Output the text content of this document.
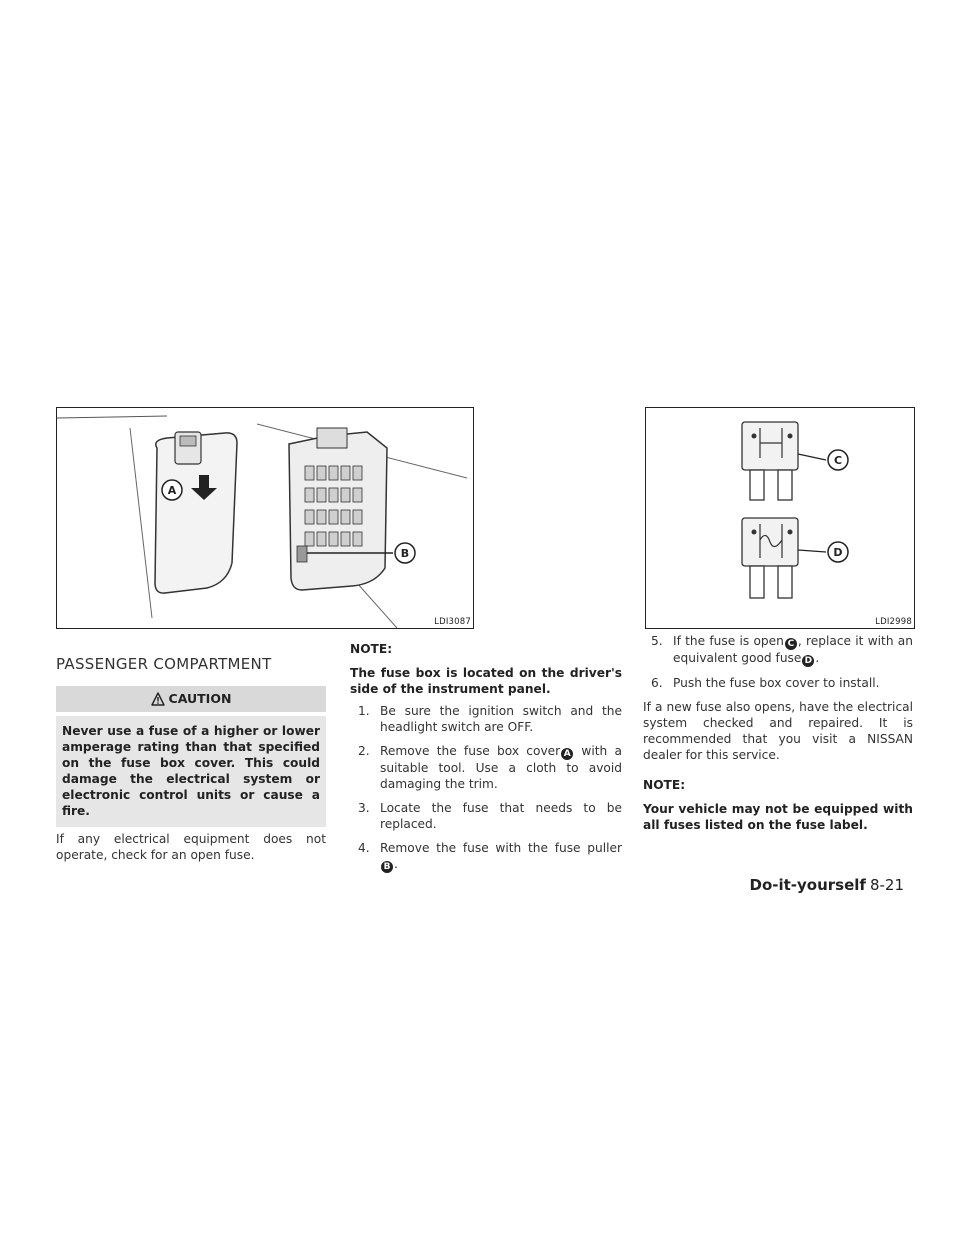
A
B
LDI3087
C
D
LDI2998
PASSENGER COMPARTMENT
CAUTION
Never use a fuse of a higher or lower amperage rating than that specified on the fuse box cover. This could damage the electrical system or electronic control units or cause a fire.

If any electrical equipment does not operate, check for an open fuse.

NOTE:

The fuse box is located on the driver's side of the instrument panel.

1. Be sure the ignition switch and the headlight switch are OFF.
2. Remove the fuse box cover A with a suitable tool. Use a cloth to avoid damaging the trim.
3. Locate the fuse that needs to be replaced.
4. Remove the fuse with the fuse puller B .
5. If the fuse is open C , replace it with an equivalent good fuse D .
6. Push the fuse box cover to install.

If a new fuse also opens, have the electrical system checked and repaired. It is recommended that you visit a NISSAN dealer for this service.

NOTE:

Your vehicle may not be equipped with all fuses listed on the fuse label.

Do-it-yourself 8-21
